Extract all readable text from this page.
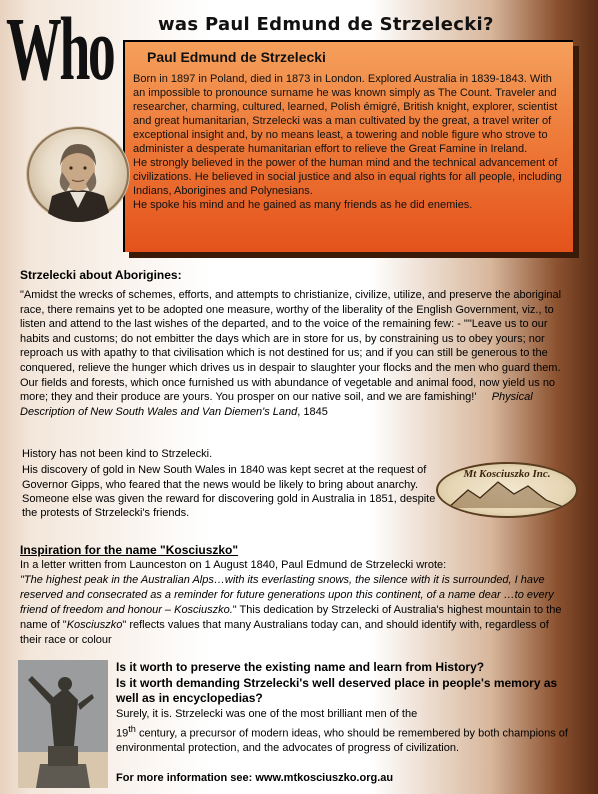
Who was Paul Edmund de Strzelecki?
Paul Edmund de Strzelecki

Born in 1897 in Poland, died in 1873 in London. Explored Australia in 1839-1843. With an impossible to pronounce surname he was known simply as The Count. Traveler and researcher, charming, cultured, learned, Polish émigré, British knight, explorer, scientist and great humanitarian, Strzelecki was a man cultivated by the great, a travel writer of exceptional insight and, by no means least, a towering and noble figure who strove to administer a desperate humanitarian effort to relieve the Great Famine in Ireland.

He strongly believed in the power of the human mind and the technical advancement of civilizations. He believed in social justice and also in equal rights for all people, including Indians, Aborigines and Polynesians.

He spoke his mind and he gained as many friends as he did enemies.

Strzelecki about Aborigines:
"Amidst the wrecks of schemes, efforts, and attempts to christianize, civilize, utilize, and preserve the aboriginal race, there remains yet to be adopted one measure, worthy of the liberality of the English Government, viz., to listen and attend to the last wishes of the departed, and to the voice of the remaining few: - ""Leave us to our habits and customs; do not embitter the days which are in store for us, by constraining us to obey yours; nor reproach us with apathy to that civilisation which is not destined for us; and if you can still be generous to the conquered, relieve the hunger which drives us in despair to slaughter your flocks and the men who guard them. Our fields and forests, which once furnished us with abundance of vegetable and animal food, now yield us no more; they and their produce are yours. You prosper on our native soil, and we are famishing!' Physical Description of New South Wales and Van Diemen's Land, 1845

History has not been kind to Strzelecki.

His discovery of gold in New South Wales in 1840 was kept secret at the request of Governor Gipps, who feared that the news would be likely to bring about anarchy. Someone else was given the reward for discovering gold in Australia in 1851, despite the protests of Strzelecki's friends.

Mt Kosciuszko Inc.
Inspiration for the name "Kosciuszko"

In a letter written from Launceston on 1 August 1840, Paul Edmund de Strzelecki wrote:

"The highest peak in the Australian Alps…with its everlasting snows, the silence with it is surrounded, I have reserved and consecrated as a reminder for future generations upon this continent, of a name dear …to every friend of freedom and honour – Kosciuszko." This dedication by Strzelecki of Australia's highest mountain to the name of "Kosciuszko" reflects values that many Australians today can, and should identify with, regardless of their race or colour

Is it worth to preserve the existing name and learn from History?

Is it worth demanding Strzelecki's well deserved place in people's memory as well as in encyclopedias?

Surely, it is. Strzelecki was one of the most brilliant men of the
19th century, a precursor of modern ideas, who should be remembered by both champions of environmental protection, and the advocates of progress of civilization.

For more information see: www.mtkosciuszko.org.au
